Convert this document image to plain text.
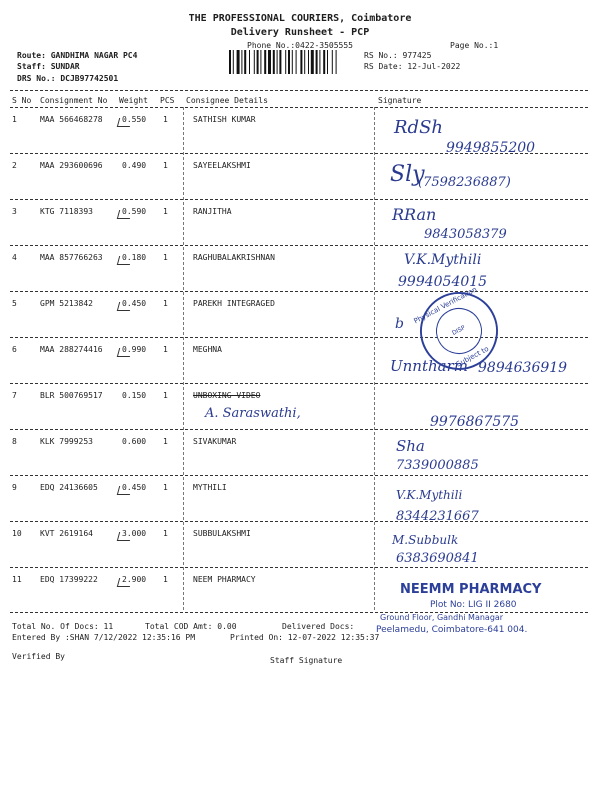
THE PROFESSIONAL COURIERS, Coimbatore
Delivery Runsheet - PCP
Phone No.:0422-3505555	Page No.:1
Route: GANDHIMA NAGAR PC4
Staff: SUNDAR
DRS No.: DCJB97742501
RS No.: 977425
RS Date: 12-Jul-2022
S No Consignment No Weight PCS Consignee Details	Signature
1	MAA 566468278 0.550 1	SATHISH KUMAR	RdSh
9949855200
2	MAA 293600696 0.490 1	SAYEELAKSHMI	Sly
(7598236887)
3	KTG 7118393	0.590 1	RANJITHA	RRan
9843058379
4	MAA 857766263 0.180 1	RAGHUBALAKRISHNAN	V.K.Mythili
9994054015
5	GPM 5213842	0.450 1	PAREKH INTEGRAGED
b
6	MAA 288274416 0.990 1	MEGHNA
Unntharm 9894636919
7	BLR 500769517 0.150 1	UNBOXING VIDEO
A. Saraswathi,
9976867575
8	KLK 7999253	0.600 1	SIVAKUMAR	Sha
7339000885
9	EDQ 24136605	0.450 1	MYTHILI
V.K.Mythili
8344231667
10 KVT 2619164	3.000 1	SUBBULAKSHMI	M.Subbulk
6383690841
11 EDQ 17399222	2.900 1	NEEM PHARMACY
Physical Verification
DISP
Subject to
NEEMM PHARMACY
Plot No: LIG II 2680
Ground Floor, Gandhi Managar
Peelamedu, Coimbatore-641 004.
Total No. Of Docs: 11	Total COD Amt: 0.00	Delivered Docs:
Entered By :SHAN 7/12/2022 12:35:16 PM	Printed On: 12-07-2022 12:35:37
Verified By	Staff Signature
